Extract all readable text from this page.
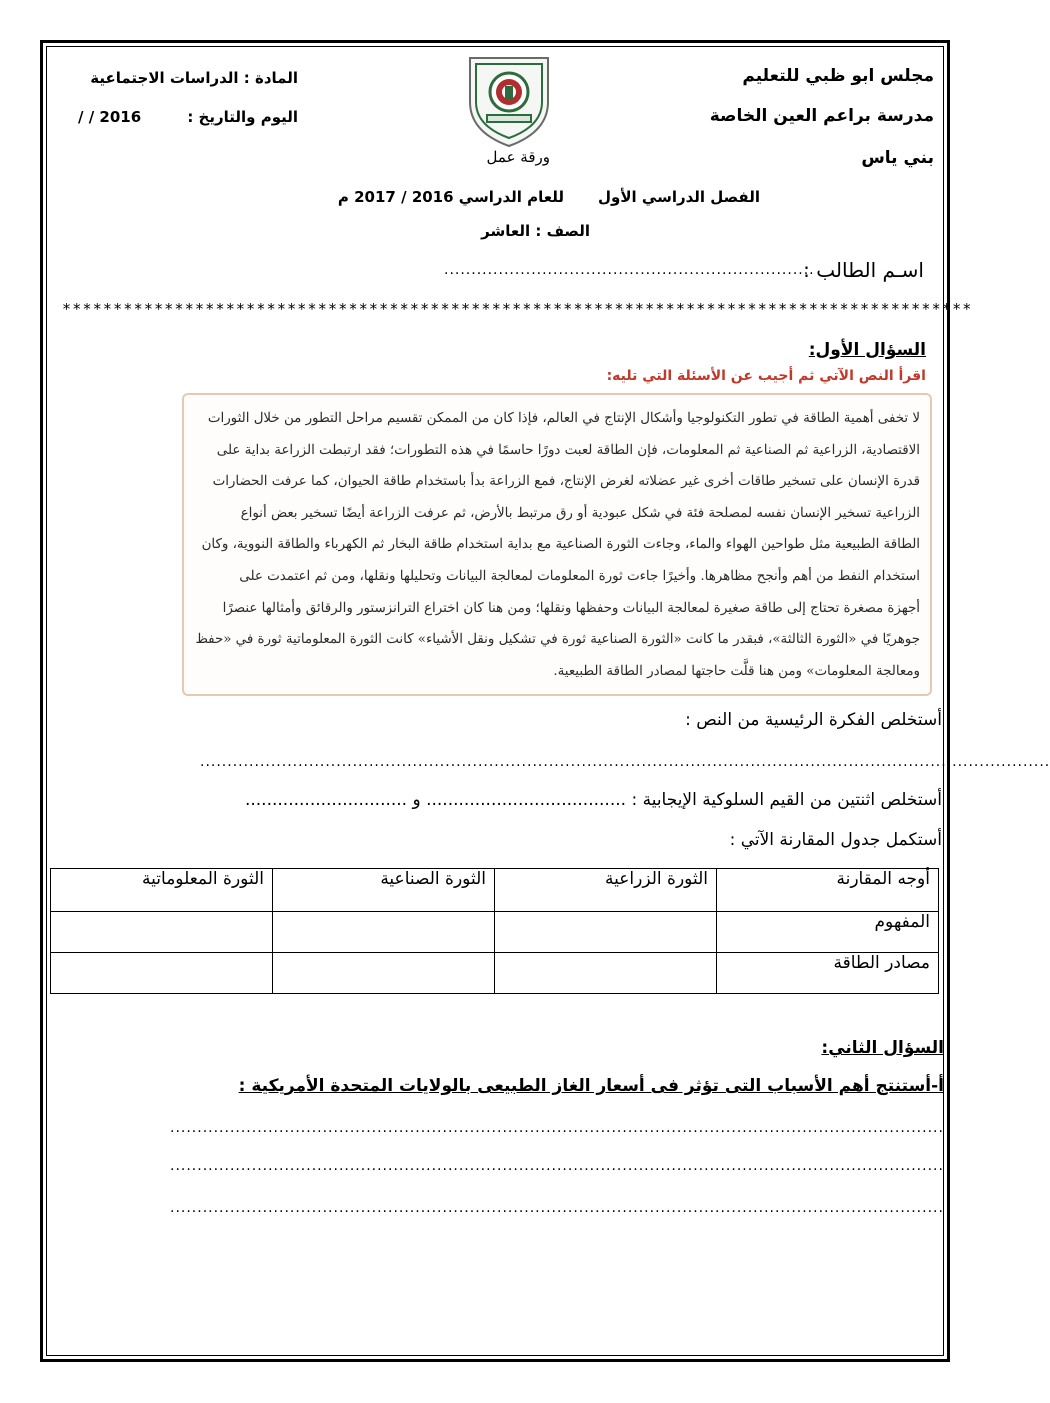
مجلس ابو ظبي للتعليم
مدرسة براعم العين الخاصة
بني ياس
المادة : الدراسات الاجتماعية
اليوم والتاريخ :
/ / 2016
ورقة عمل
الفصل الدراسي الأول
للعام الدراسي 2016 / 2017 م
الصف : العاشر
اسـم الطالب :
....................................................................
*****************************************************************************************
السؤال الأول:
اقرأ النص الآتي ثم أجيب عن الأسئلة التي تليه:
لا تخفى أهمية الطاقة في تطور التكنولوجيا وأشكال الإنتاج في العالم، فإذا كان من الممكن تقسيم مراحل التطور من خلال الثورات
الاقتصادية، الزراعية ثم الصناعية ثم المعلومات، فإن الطاقة لعبت دورًا حاسمًا في هذه التطورات؛ فقد ارتبطت الزراعة بداية على
قدرة الإنسان على تسخير طاقات أخرى غير عضلاته لغرض الإنتاج، فمع الزراعة بدأ باستخدام طاقة الحيوان، كما عرفت الحضارات
الزراعية تسخير الإنسان نفسه لمصلحة فئة في شكل عبودية أو رق مرتبط بالأرض، ثم عرفت الزراعة أيضًا تسخير بعض أنواع
الطاقة الطبيعية مثل طواحين الهواء والماء، وجاءت الثورة الصناعية مع بداية استخدام طاقة البخار ثم الكهرباء والطاقة النووية، وكان
استخدام النفط من أهم وأنجح مظاهرها. وأخيرًا جاءت ثورة المعلومات لمعالجة البيانات وتحليلها ونقلها، ومن ثم اعتمدت على
أجهزة مصغرة تحتاج إلى طاقة صغيرة لمعالجة البيانات وحفظها ونقلها؛ ومن هنا كان اختراع الترانزستور والرقائق وأمثالها عنصرًا
جوهريًا في «الثورة الثالثة»، فبقدر ما كانت «الثورة الصناعية ثورة في تشكيل ونقل الأشياء» كانت الثورة المعلوماتية ثورة في «حفظ
ومعالجة المعلومات» ومن هنا قلَّت حاجتها لمصادر الطاقة الطبيعية.
أستخلص الفكرة الرئيسية من النص :
............................................................................................................................................................
أستخلص اثنتين من القيم السلوكية الإيجابية : ..................................... و ..............................
أستكمل جدول المقارنة الآتي :
أوجه المقارنة	الثورة الزراعية	الثورة الصناعية	الثورة المعلوماتية
المفهوم			
مصادر الطاقة			
السؤال الثاني:
أ-أستنتج أهم الأسباب التى تؤثر فى أسعار الغاز الطبيعى بالولايات المتحدة الأمريكية :
..............................................................................................................................................
..............................................................................................................................................
..............................................................................................................................................
